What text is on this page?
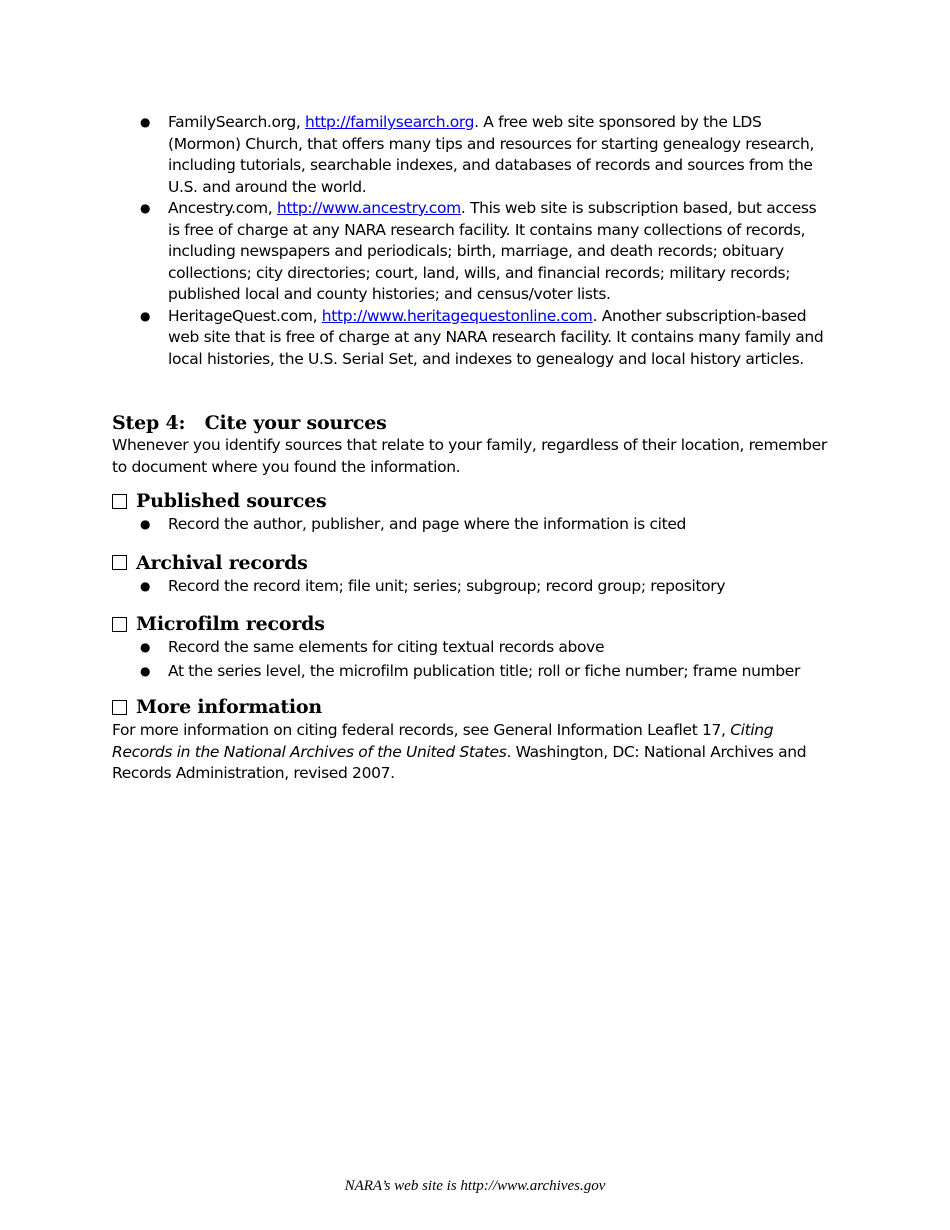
● FamilySearch.org, http://familysearch.org. A free web site sponsored by the LDS (Mormon) Church, that offers many tips and resources for starting genealogy research, including tutorials, searchable indexes, and databases of records and sources from the U.S. and around the world.
● Ancestry.com, http://www.ancestry.com. This web site is subscription based, but access is free of charge at any NARA research facility. It contains many collections of records, including newspapers and periodicals; birth, marriage, and death records; obituary collections; city directories; court, land, wills, and financial records; military records; published local and county histories; and census/voter lists.
● HeritageQuest.com, http://www.heritagequestonline.com. Another subscription-based web site that is free of charge at any NARA research facility. It contains many family and local histories, the U.S. Serial Set, and indexes to genealogy and local history articles.
Step 4:   Cite your sources
Whenever you identify sources that relate to your family, regardless of their location, remember to document where you found the information.
Published sources
● Record the author, publisher, and page where the information is cited
Archival records
● Record the record item; file unit; series; subgroup; record group; repository
Microfilm records
● Record the same elements for citing textual records above
● At the series level, the microfilm publication title; roll or fiche number; frame number
More information
For more information on citing federal records, see General Information Leaflet 17, Citing Records in the National Archives of the United States. Washington, DC: National Archives and Records Administration, revised 2007.
NARA’s web site is http://www.archives.gov
